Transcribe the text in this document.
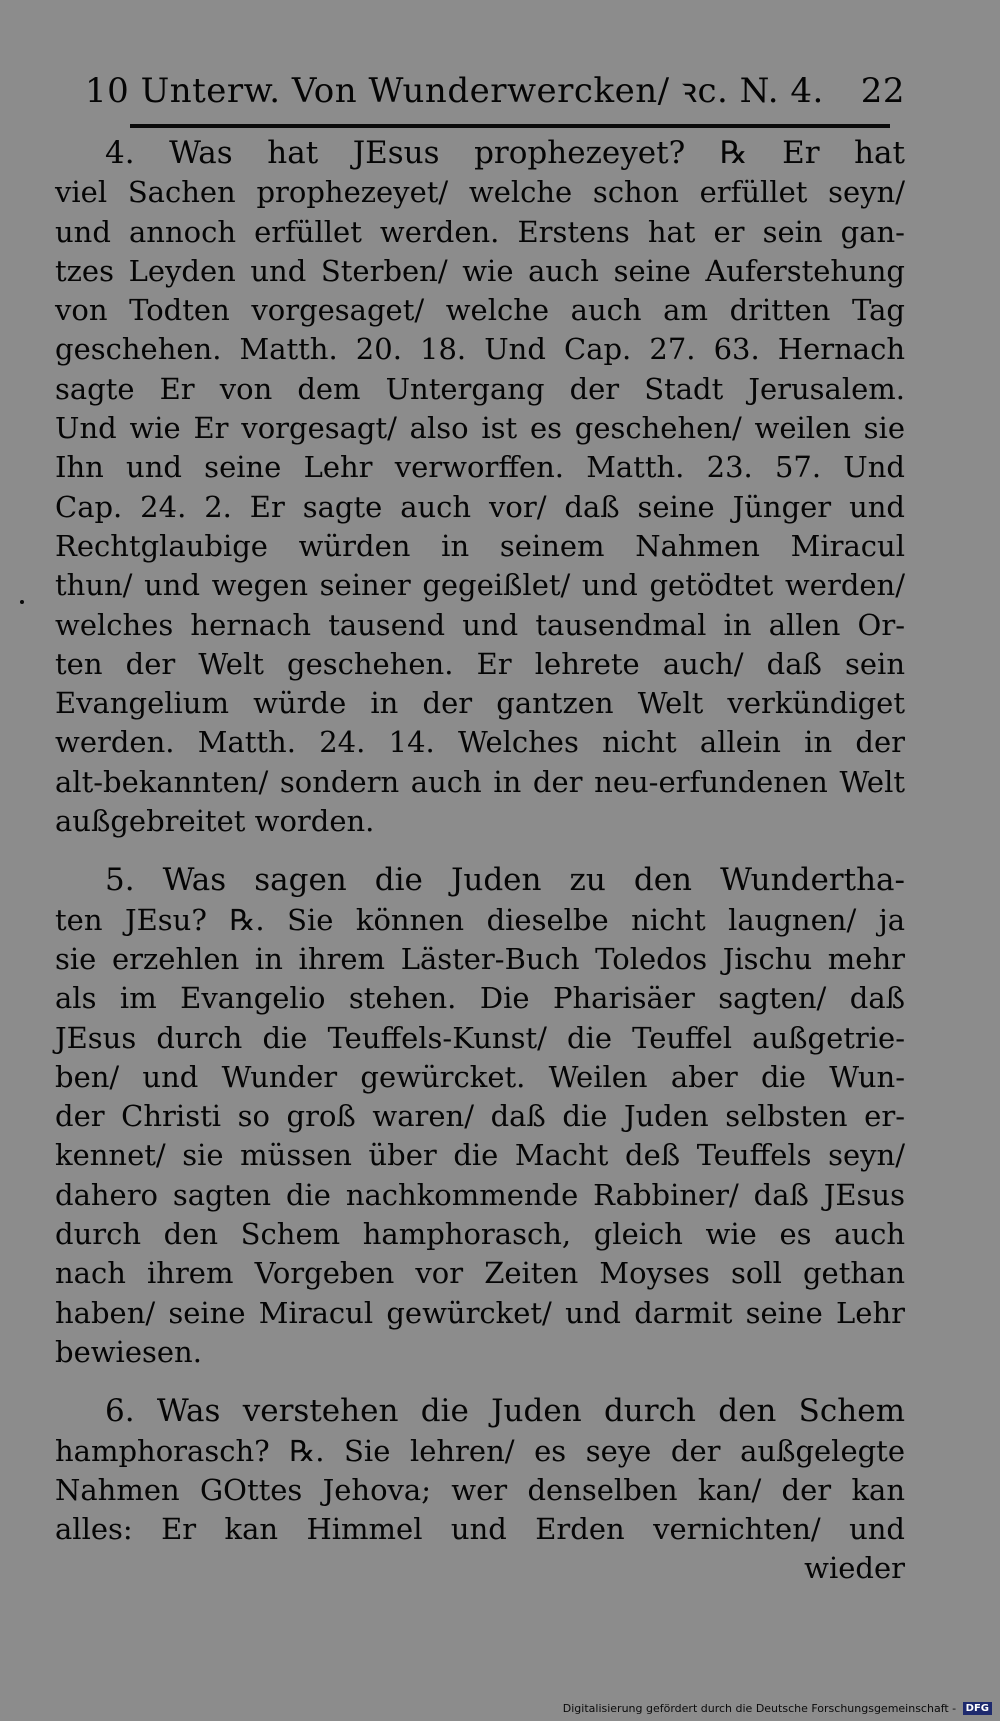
10 Unterw. Von Wunderwercken/ ꝛc. N. 4. 22
4. Was hat JEsus prophezeyet? ℞ Er hat
viel Sachen prophezeyet/ welche schon erfüllet seyn/
und annoch erfüllet werden. Erstens hat er sein gan-
tzes Leyden und Sterben/ wie auch seine Auferstehung
von Todten vorgesaget/ welche auch am dritten Tag
geschehen. Matth. 20. 18. Und Cap. 27. 63. Hernach
sagte Er von dem Untergang der Stadt Jerusalem.
Und wie Er vorgesagt/ also ist es geschehen/ weilen sie
Ihn und seine Lehr verworffen. Matth. 23. 57. Und
Cap. 24. 2. Er sagte auch vor/ daß seine Jünger und
Rechtglaubige würden in seinem Nahmen Miracul
thun/ und wegen seiner gegeißlet/ und getödtet werden/
welches hernach tausend und tausendmal in allen Or-
ten der Welt geschehen. Er lehrete auch/ daß sein
Evangelium würde in der gantzen Welt verkündiget
werden. Matth. 24. 14. Welches nicht allein in der
alt-bekannten/ sondern auch in der neu-erfundenen Welt
außgebreitet worden.
5. Was sagen die Juden zu den Wundertha-
ten JEsu? ℞. Sie können dieselbe nicht laugnen/ ja
sie erzehlen in ihrem Läster-Buch Toledos Jischu mehr
als im Evangelio stehen. Die Pharisäer sagten/ daß
JEsus durch die Teuffels-Kunst/ die Teuffel außgetrie-
ben/ und Wunder gewürcket. Weilen aber die Wun-
der Christi so groß waren/ daß die Juden selbsten er-
kennet/ sie müssen über die Macht deß Teuffels seyn/
dahero sagten die nachkommende Rabbiner/ daß JEsus
durch den Schem hamphorasch, gleich wie es auch
nach ihrem Vorgeben vor Zeiten Moyses soll gethan
haben/ seine Miracul gewürcket/ und darmit seine Lehr
bewiesen.
6. Was verstehen die Juden durch den Schem
hamphorasch? ℞. Sie lehren/ es seye der außgelegte
Nahmen GOttes Jehova; wer denselben kan/ der kan
alles: Er kan Himmel und Erden vernichten/ und
wieder
Digitalisierung gefördert durch die Deutsche Forschungsgemeinschaft - DFG
